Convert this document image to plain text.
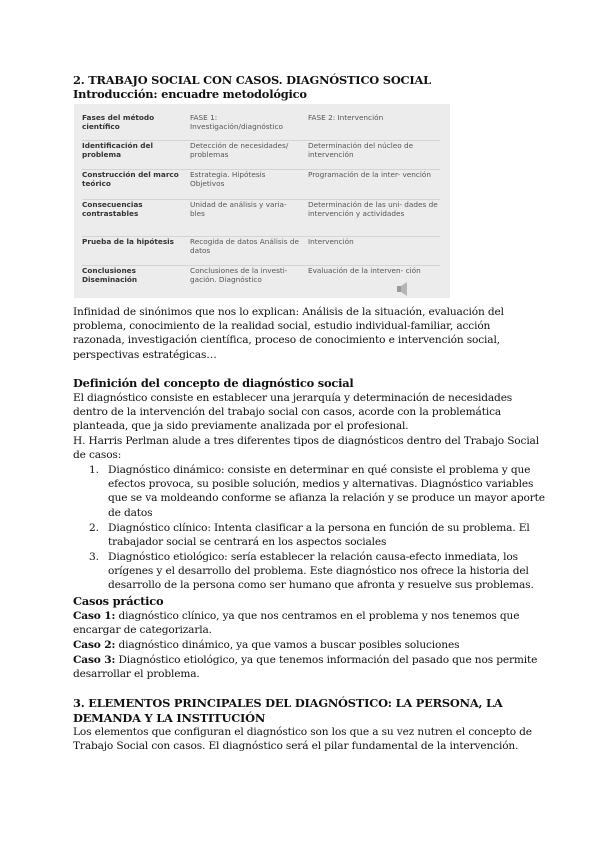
2. TRABAJO SOCIAL CON CASOS. DIAGNÓSTICO SOCIAL
Introducción: encuadre metodológico
Fases del método científico	FASE 1: Investigación/diagnóstico	FASE 2: Intervención
Identificación del problema	Detección de necesidades/ problemas	Determinación del núcleo de intervención
Construcción del marco teórico	Estrategia. Hipótesis Objetivos	Programación de la inter- vención
Consecuencias contrastables	Unidad de análisis y varia- bles	Determinación de las uni- dades de intervención y actividades
Prueba de la hipótesis	Recogida de datos Análisis de datos	Intervención
Conclusiones Diseminación	Conclusiones de la investi- gación. Diagnóstico	Evaluación de la interven- ción
Infinidad de sinónimos que nos lo explican: Análisis de la situación, evaluación del problema, conocimiento de la realidad social, estudio individual-familiar, acción razonada, investigación científica, proceso de conocimiento e intervención social, perspectivas estratégicas…
Definición del concepto de diagnóstico social
El diagnóstico consiste en establecer una jerarquía y determinación de necesidades dentro de la intervención del trabajo social con casos, acorde con la problemática planteada, que ja sido previamente analizada por el profesional.
H. Harris Perlman alude a tres diferentes tipos de diagnósticos dentro del Trabajo Social de casos:
1. Diagnóstico dinámico: consiste en determinar en qué consiste el problema y que efectos provoca, su posible solución, medios y alternativas. Diagnóstico variables que se va moldeando conforme se afianza la relación y se produce un mayor aporte de datos
2. Diagnóstico clínico: Intenta clasificar a la persona en función de su problema. El trabajador social se centrará en los aspectos sociales
3. Diagnóstico etiológico: sería establecer la relación causa-efecto inmediata, los orígenes y el desarrollo del problema. Este diagnóstico nos ofrece la historia del desarrollo de la persona como ser humano que afronta y resuelve sus problemas.
Casos práctico
Caso 1: diagnóstico clínico, ya que nos centramos en el problema y nos tenemos que encargar de categorizarla.
Caso 2: diagnóstico dinámico, ya que vamos a buscar posibles soluciones
Caso 3: Diagnóstico etiológico, ya que tenemos información del pasado que nos permite desarrollar el problema.
3. ELEMENTOS PRINCIPALES DEL DIAGNÓSTICO: LA PERSONA, LA DEMANDA Y LA INSTITUCIÓN
Los elementos que configuran el diagnóstico son los que a su vez nutren el concepto de Trabajo Social con casos. El diagnóstico será el pilar fundamental de la intervención.
